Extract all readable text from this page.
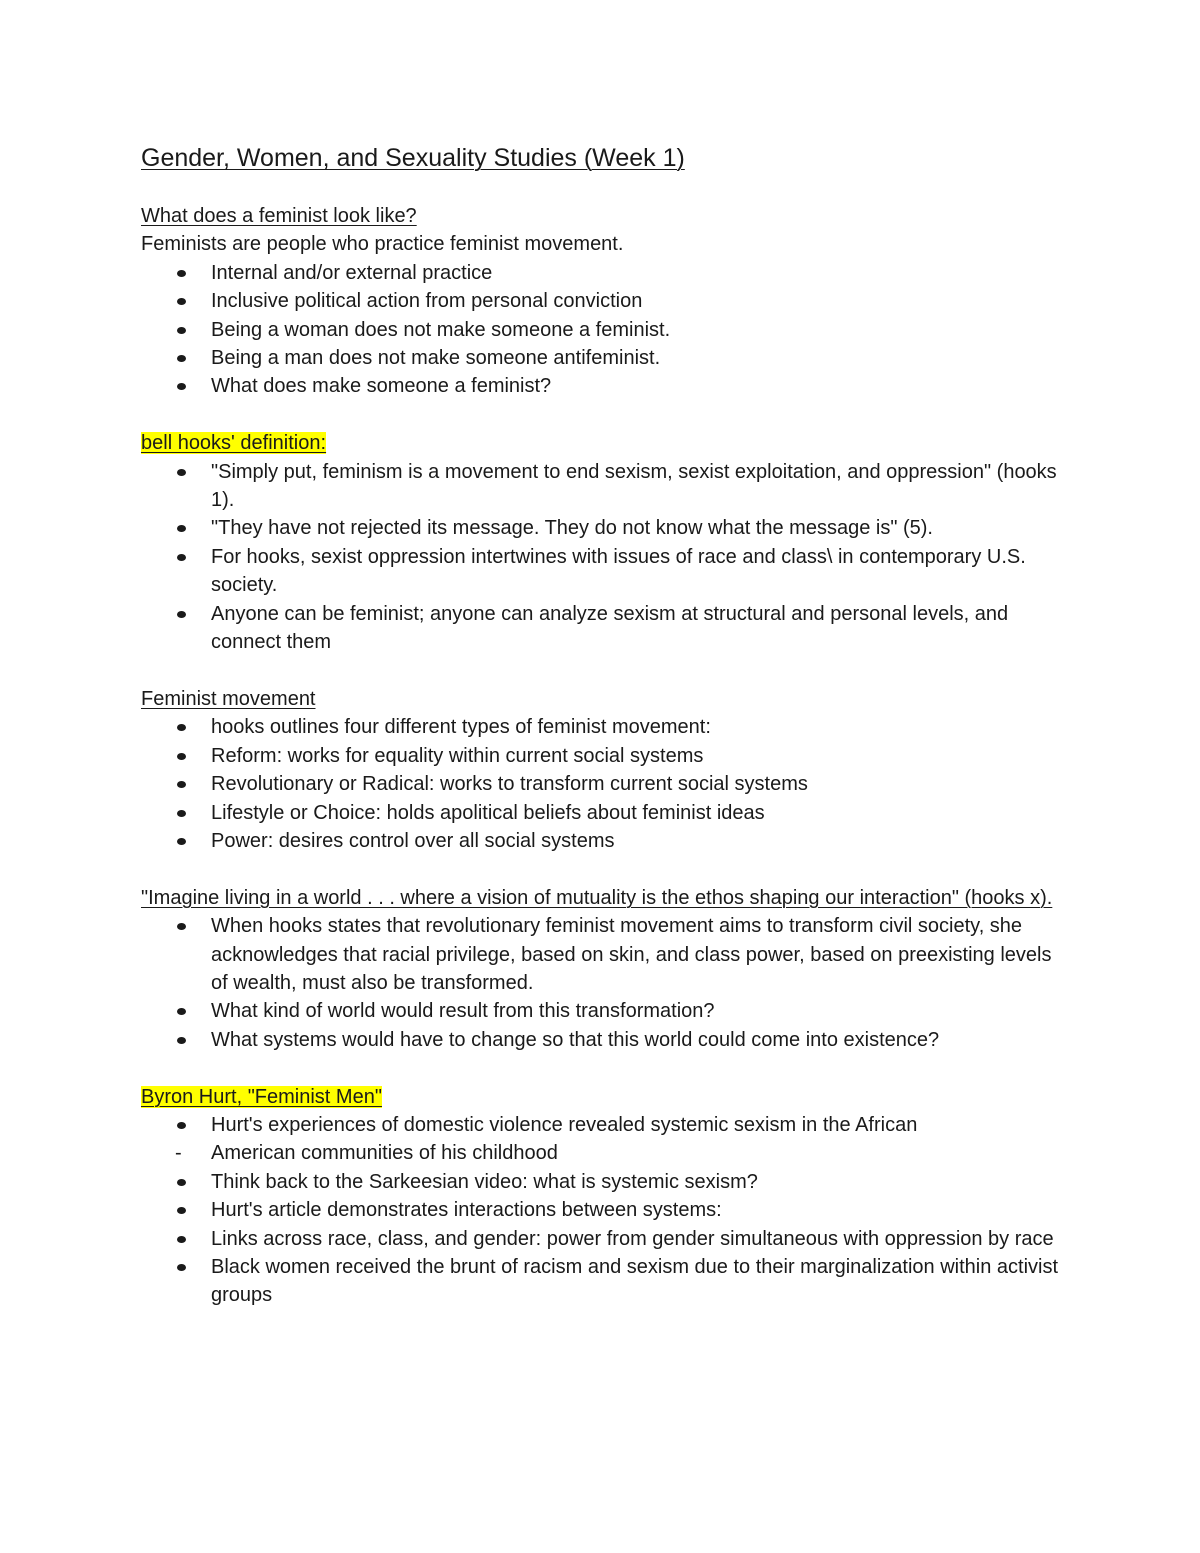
Gender, Women, and Sexuality Studies (Week 1)

What does a feminist look like?

Feminists are people who practice feminist movement.

Internal and/or external practice
Inclusive political action from personal conviction
Being a woman does not make someone a feminist.
Being a man does not make someone antifeminist.
What does make someone a feminist?

bell hooks' definition:

"Simply put, feminism is a movement to end sexism, sexist exploitation, and oppression" (hooks 1).
"They have not rejected its message. They do not know what the message is" (5).
For hooks, sexist oppression intertwines with issues of race and class\ in contemporary U.S. society.
Anyone can be feminist; anyone can analyze sexism at structural and personal levels, and connect them

Feminist movement

hooks outlines four different types of feminist movement:
Reform: works for equality within current social systems
Revolutionary or Radical: works to transform current social systems
Lifestyle or Choice: holds apolitical beliefs about feminist ideas
Power: desires control over all social systems

"Imagine living in a world . . . where a vision of mutuality is the ethos shaping our interaction" (hooks x).

When hooks states that revolutionary feminist movement aims to transform civil society, she acknowledges that racial privilege, based on skin, and class power, based on preexisting levels of wealth, must also be transformed.
What kind of world would result from this transformation?
What systems would have to change so that this world could come into existence?

Byron Hurt, "Feminist Men"

Hurt's experiences of domestic violence revealed systemic sexism in the African
- American communities of his childhood
Think back to the Sarkeesian video: what is systemic sexism?
Hurt's article demonstrates interactions between systems:
Links across race, class, and gender: power from gender simultaneous with oppression by race
Black women received the brunt of racism and sexism due to their marginalization within activist groups
